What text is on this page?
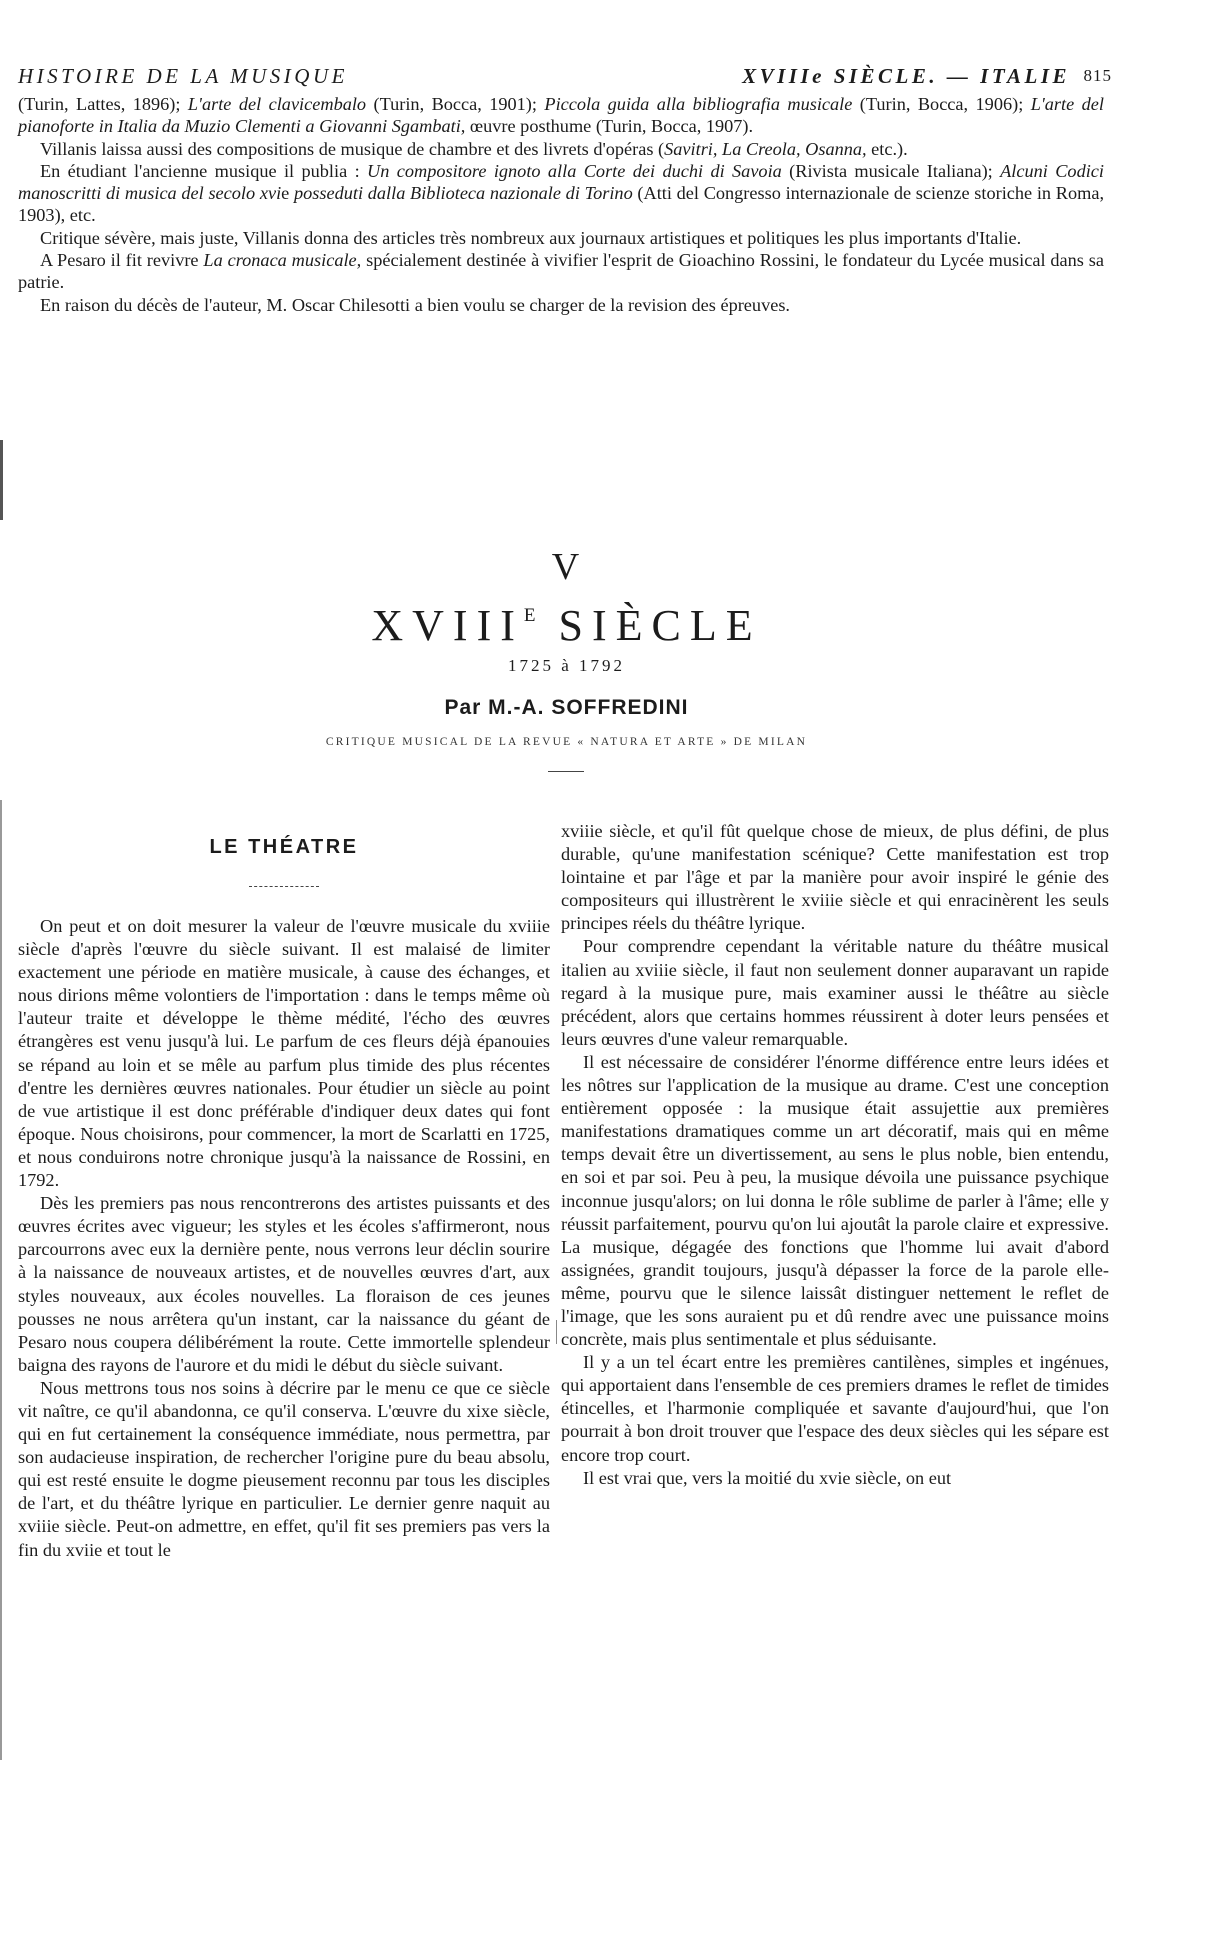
HISTOIRE DE LA MUSIQUE	XVIIIe SIÈCLE. — ITALIE 815

(Turin, Lattes, 1896); L'arte del clavicembalo (Turin, Bocca, 1901); Piccola guida alla bibliografia musicale (Turin, Bocca, 1906); L'arte del pianoforte in Italia da Muzio Clementi a Giovanni Sgambati, œuvre posthume (Turin, Bocca, 1907).

Villanis laissa aussi des compositions de musique de chambre et des livrets d'opéras (Savitri, La Creola, Osanna, etc.).

En étudiant l'ancienne musique il publia : Un compositore ignoto alla Corte dei duchi di Savoia (Rivista musicale Italiana); Alcuni Codici manoscritti di musica del secolo xvie posseduti dalla Biblioteca nazionale di Torino (Atti del Congresso internazionale de scienze storiche in Roma, 1903), etc.

Critique sévère, mais juste, Villanis donna des articles très nombreux aux journaux artistiques et politiques les plus importants d'Italie.

A Pesaro il fit revivre La cronaca musicale, spécialement destinée à vivifier l'esprit de Gioachino Rossini, le fondateur du Lycée musical dans sa patrie.

En raison du décès de l'auteur, M. Oscar Chilesotti a bien voulu se charger de la revision des épreuves.

V
$XVIII^E$ SIÈCLE
1725 à 1792
Par M.-A. SOFFREDINI
CRITIQUE MUSICAL DE LA REVUE « NATURA ET ARTE » DE MILAN
LE THÉATRE

On peut et on doit mesurer la valeur de l'œuvre musicale du xviiie siècle d'après l'œuvre du siècle suivant. Il est malaisé de limiter exactement une période en matière musicale, à cause des échanges, et nous dirions même volontiers de l'importation : dans le temps même où l'auteur traite et développe le thème médité, l'écho des œuvres étrangères est venu jusqu'à lui. Le parfum de ces fleurs déjà épanouies se répand au loin et se mêle au parfum plus timide des plus récentes d'entre les dernières œuvres nationales. Pour étudier un siècle au point de vue artistique il est donc préférable d'indiquer deux dates qui font époque. Nous choisirons, pour commencer, la mort de Scarlatti en 1725, et nous conduirons notre chronique jusqu'à la naissance de Rossini, en 1792.

Dès les premiers pas nous rencontrerons des artistes puissants et des œuvres écrites avec vigueur; les styles et les écoles s'affirmeront, nous parcourrons avec eux la dernière pente, nous verrons leur déclin sourire à la naissance de nouveaux artistes, et de nouvelles œuvres d'art, aux styles nouveaux, aux écoles nouvelles. La floraison de ces jeunes pousses ne nous arrêtera qu'un instant, car la naissance du géant de Pesaro nous coupera délibérément la route. Cette immortelle splendeur baigna des rayons de l'aurore et du midi le début du siècle suivant.

Nous mettrons tous nos soins à décrire par le menu ce que ce siècle vit naître, ce qu'il abandonna, ce qu'il conserva. L'œuvre du xixe siècle, qui en fut certainement la conséquence immédiate, nous permettra, par son audacieuse inspiration, de rechercher l'origine pure du beau absolu, qui est resté ensuite le dogme pieusement reconnu par tous les disciples de l'art, et du théâtre lyrique en particulier. Le dernier genre naquit au xviiie siècle. Peut-on admettre, en effet, qu'il fit ses premiers pas vers la fin du xviie et tout le

xviiie siècle, et qu'il fût quelque chose de mieux, de plus défini, de plus durable, qu'une manifestation scénique? Cette manifestation est trop lointaine et par l'âge et par la manière pour avoir inspiré le génie des compositeurs qui illustrèrent le xviiie siècle et qui enracinèrent les seuls principes réels du théâtre lyrique.

Pour comprendre cependant la véritable nature du théâtre musical italien au xviiie siècle, il faut non seulement donner auparavant un rapide regard à la musique pure, mais examiner aussi le théâtre au siècle précédent, alors que certains hommes réussirent à doter leurs pensées et leurs œuvres d'une valeur remarquable.

Il est nécessaire de considérer l'énorme différence entre leurs idées et les nôtres sur l'application de la musique au drame. C'est une conception entièrement opposée : la musique était assujettie aux premières manifestations dramatiques comme un art décoratif, mais qui en même temps devait être un divertissement, au sens le plus noble, bien entendu, en soi et par soi. Peu à peu, la musique dévoila une puissance psychique inconnue jusqu'alors; on lui donna le rôle sublime de parler à l'âme; elle y réussit parfaitement, pourvu qu'on lui ajoutât la parole claire et expressive. La musique, dégagée des fonctions que l'homme lui avait d'abord assignées, grandit toujours, jusqu'à dépasser la force de la parole elle-même, pourvu que le silence laissât distinguer nettement le reflet de l'image, que les sons auraient pu et dû rendre avec une puissance moins concrète, mais plus sentimentale et plus séduisante.

Il y a un tel écart entre les premières cantilènes, simples et ingénues, qui apportaient dans l'ensemble de ces premiers drames le reflet de timides étincelles, et l'harmonie compliquée et savante d'aujourd'hui, que l'on pourrait à bon droit trouver que l'espace des deux siècles qui les sépare est encore trop court.

Il est vrai que, vers la moitié du xvie siècle, on eut
